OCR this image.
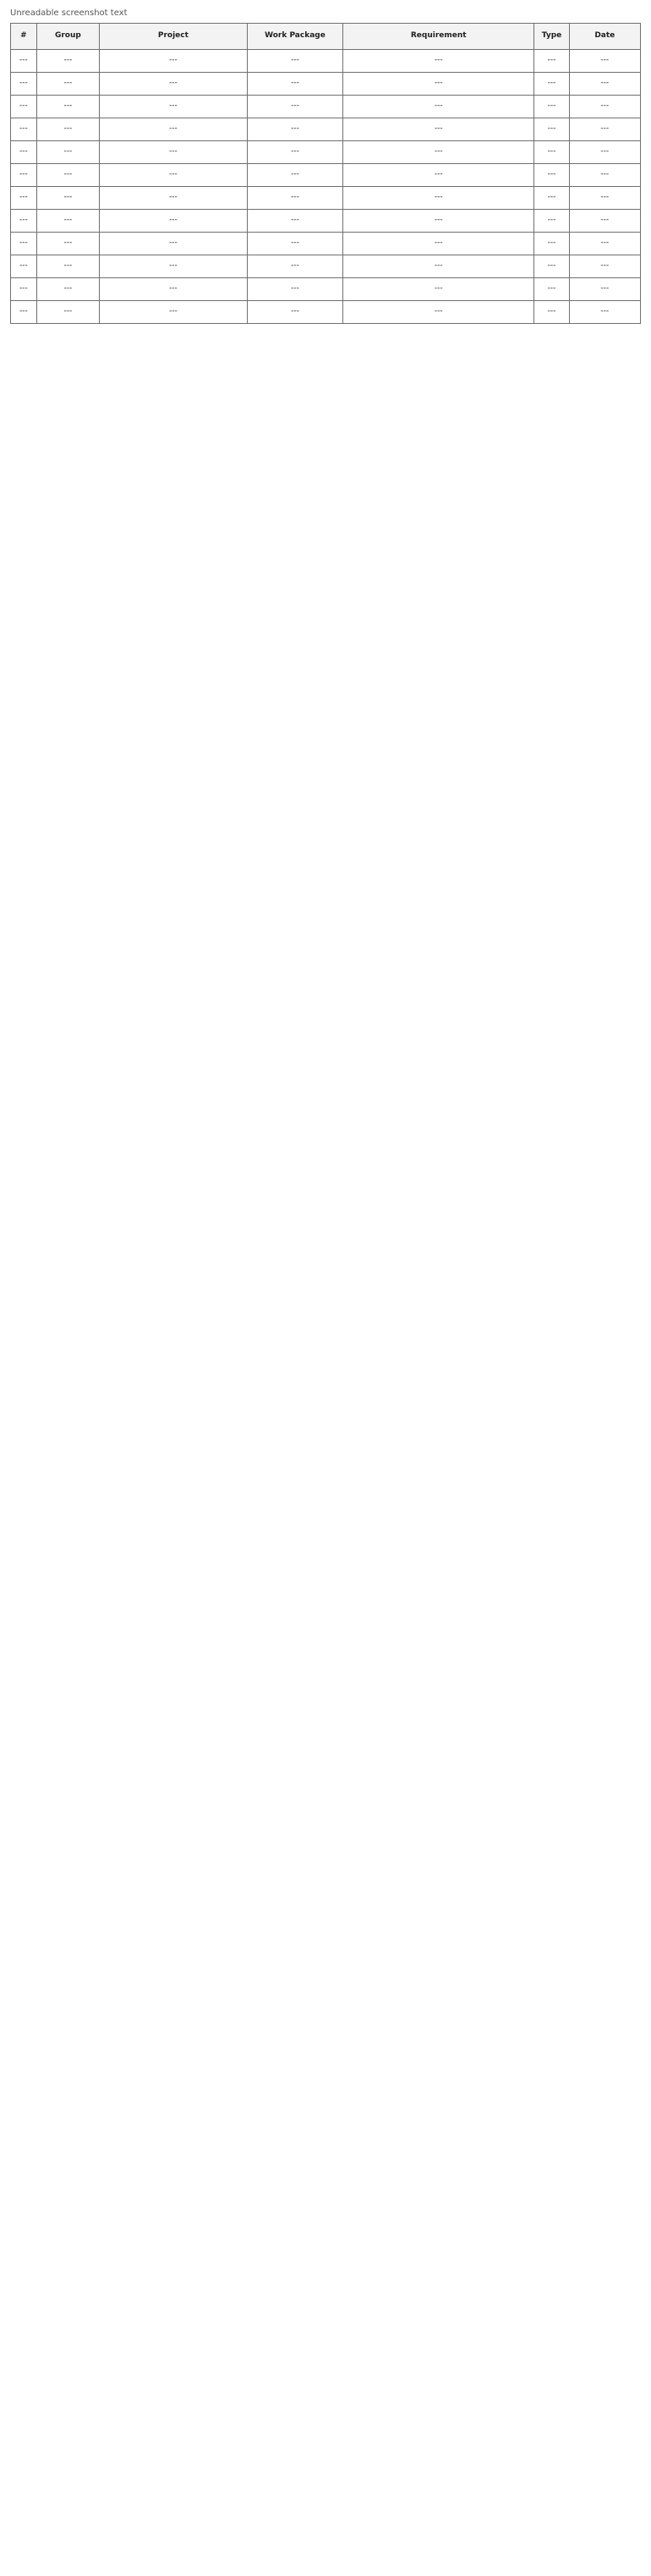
Unreadable screenshot text
#	Group	Project	Work Package	Requirement	Type	Date
---	---	---	---	---	---	---
---	---	---	---	---	---	---
---	---	---	---	---	---	---
---	---	---	---	---	---	---
---	---	---	---	---	---	---
---	---	---	---	---	---	---
---	---	---	---	---	---	---
---	---	---	---	---	---	---
---	---	---	---	---	---	---
---	---	---	---	---	---	---
---	---	---	---	---	---	---
---	---	---	---	---	---	---
